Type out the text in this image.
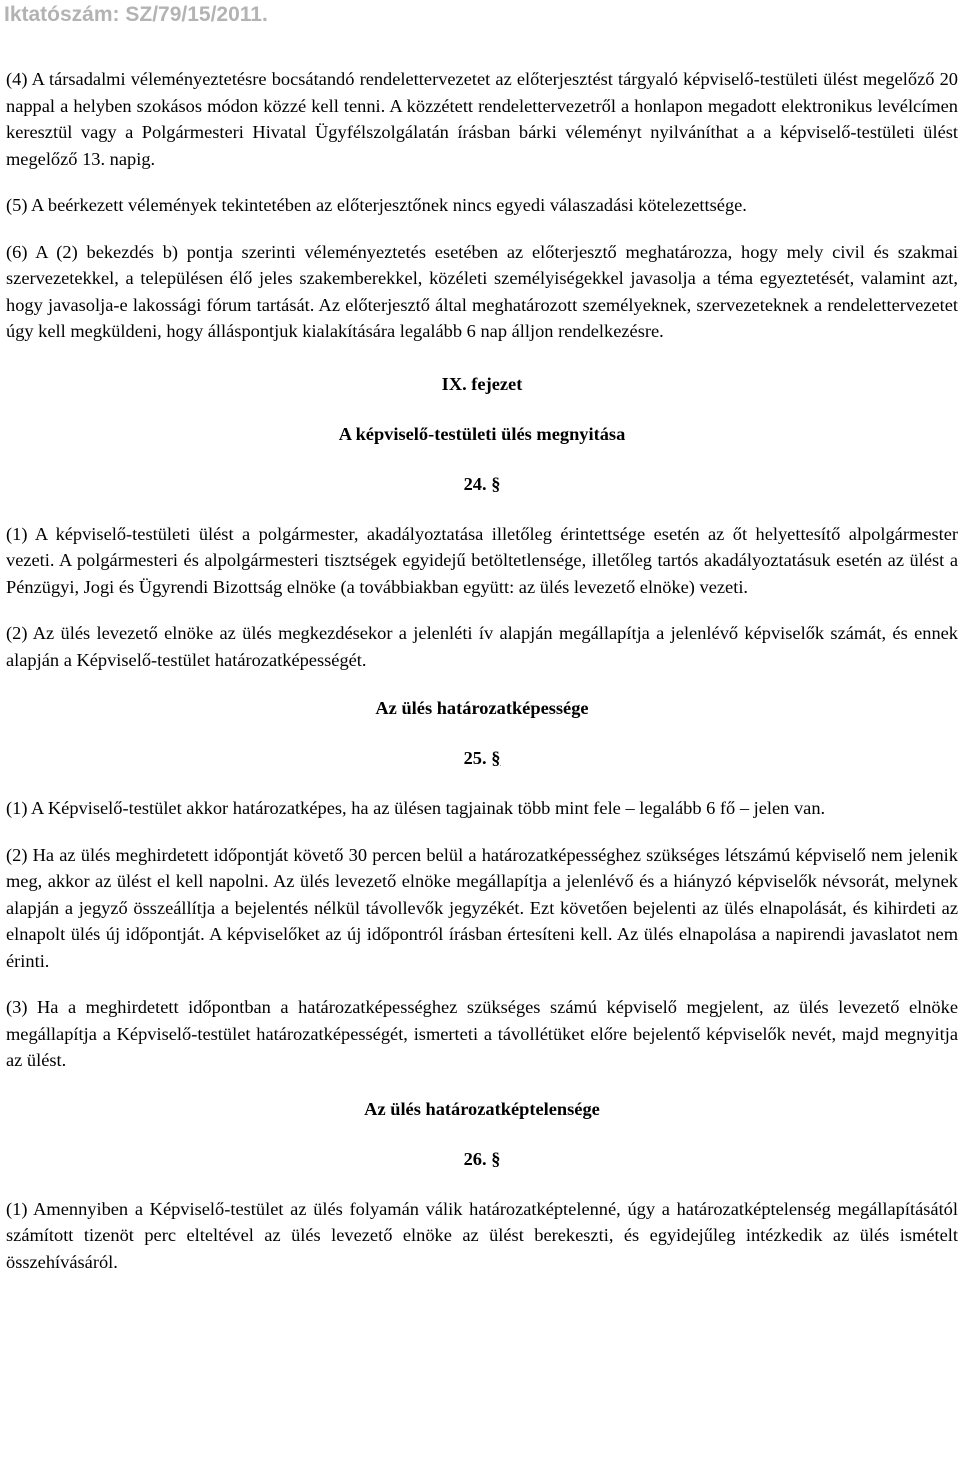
Iktatószám: SZ/79/15/2011.

(4) A társadalmi véleményeztetésre bocsátandó rendelettervezetet az előterjesztést tárgyaló képviselő-testületi ülést megelőző 20 nappal a helyben szokásos módon közzé kell tenni. A közzétett rendelettervezetről a honlapon megadott elektronikus levélcímen keresztül vagy a Polgármesteri Hivatal Ügyfélszolgálatán írásban bárki véleményt nyilváníthat a a képviselő-testületi ülést megelőző 13. napig.

(5) A beérkezett vélemények tekintetében az előterjesztőnek nincs egyedi válaszadási kötelezettsége.

(6) A (2) bekezdés b) pontja szerinti véleményeztetés esetében az előterjesztő meghatározza, hogy mely civil és szakmai szervezetekkel, a településen élő jeles szakemberekkel, közéleti személyiségekkel javasolja a téma egyeztetését, valamint azt, hogy javasolja-e lakossági fórum tartását. Az előterjesztő által meghatározott személyeknek, szervezeteknek a rendelettervezetet úgy kell megküldeni, hogy álláspontjuk kialakítására legalább 6 nap álljon rendelkezésre.

IX. fejezet
A képviselő-testületi ülés megnyitása
24. §

(1) A képviselő-testületi ülést a polgármester, akadályoztatása illetőleg érintettsége esetén az őt helyettesítő alpolgármester vezeti. A polgármesteri és alpolgármesteri tisztségek egyidejű betöltetlensége, illetőleg tartós akadályoztatásuk esetén az ülést a Pénzügyi, Jogi és Ügyrendi Bizottság elnöke (a továbbiakban együtt: az ülés levezető elnöke) vezeti.

(2) Az ülés levezető elnöke az ülés megkezdésekor a jelenléti ív alapján megállapítja a jelenlévő képviselők számát, és ennek alapján a Képviselő-testület határozatképességét.

Az ülés határozatképessége
25. §

(1) A Képviselő-testület akkor határozatképes, ha az ülésen tagjainak több mint fele – legalább 6 fő – jelen van.

(2) Ha az ülés meghirdetett időpontját követő 30 percen belül a határozatképességhez szükséges létszámú képviselő nem jelenik meg, akkor az ülést el kell napolni. Az ülés levezető elnöke megállapítja a jelenlévő és a hiányzó képviselők névsorát, melynek alapján a jegyző összeállítja a bejelentés nélkül távollevők jegyzékét. Ezt követően bejelenti az ülés elnapolását, és kihirdeti az elnapolt ülés új időpontját. A képviselőket az új időpontról írásban értesíteni kell. Az ülés elnapolása a napirendi javaslatot nem érinti.

(3) Ha a meghirdetett időpontban a határozatképességhez szükséges számú képviselő megjelent, az ülés levezető elnöke megállapítja a Képviselő-testület határozatképességét, ismerteti a távollétüket előre bejelentő képviselők nevét, majd megnyitja az ülést.

Az ülés határozatképtelensége
26. §

(1) Amennyiben a Képviselő-testület az ülés folyamán válik határozatképtelenné, úgy a határozatképtelenség megállapításától számított tizenöt perc elteltével az ülés levezető elnöke az ülést berekeszti, és egyidejűleg intézkedik az ülés ismételt összehívásáról.
